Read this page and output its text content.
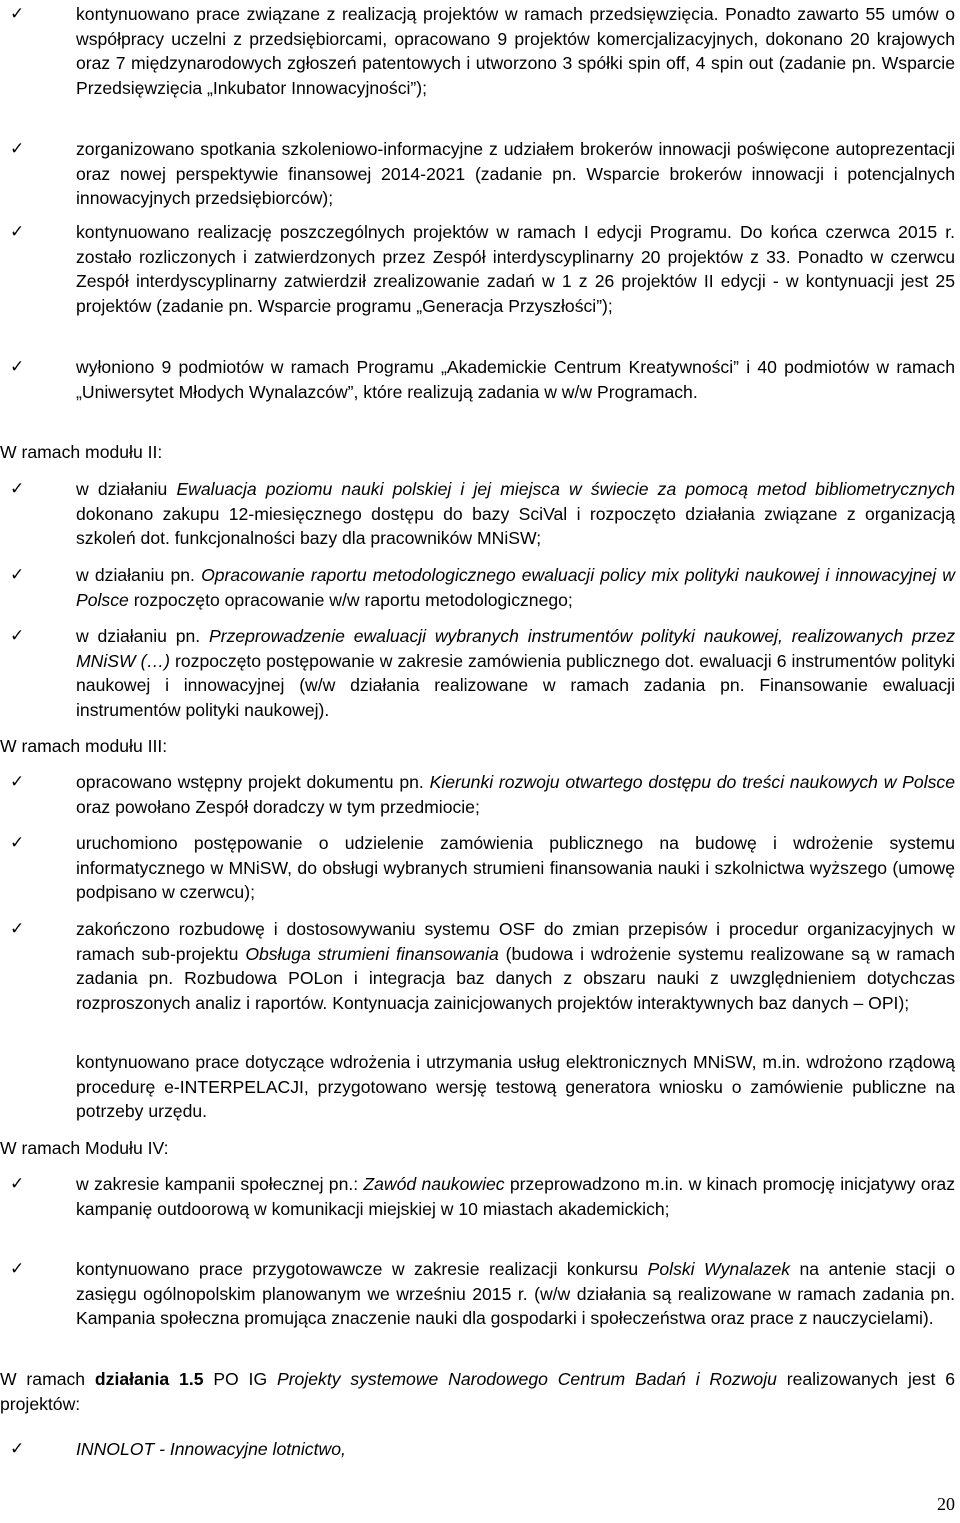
✓	kontynuowano prace związane z realizacją projektów w ramach przedsięwzięcia. Ponadto zawarto 55 umów o współpracy uczelni z przedsiębiorcami, opracowano 9 projektów komercjalizacyjnych, dokonano 20 krajowych oraz 7 międzynarodowych zgłoszeń patentowych i utworzono 3 spółki spin off, 4 spin out (zadanie pn. Wsparcie Przedsięwzięcia „Inkubator Innowacyjności”);
✓	zorganizowano spotkania szkoleniowo-informacyjne z udziałem brokerów innowacji poświęcone autoprezentacji oraz nowej perspektywie finansowej 2014-2021 (zadanie pn. Wsparcie brokerów innowacji i potencjalnych innowacyjnych przedsiębiorców);
✓	kontynuowano realizację poszczególnych projektów w ramach I edycji Programu. Do końca czerwca 2015 r. zostało rozliczonych i zatwierdzonych przez Zespół interdyscyplinarny 20 projektów z 33. Ponadto w czerwcu Zespół interdyscyplinarny zatwierdził zrealizowanie zadań w 1 z 26 projektów II edycji - w kontynuacji jest 25 projektów (zadanie pn. Wsparcie programu „Generacja Przyszłości”);
✓	wyłoniono 9 podmiotów w ramach Programu „Akademickie Centrum Kreatywności” i 40 podmiotów w ramach „Uniwersytet Młodych Wynalazców”, które realizują zadania w w/w Programach.
W ramach modułu II:
✓	w działaniu Ewaluacja poziomu nauki polskiej i jej miejsca w świecie za pomocą metod bibliometrycznych dokonano zakupu 12-miesięcznego dostępu do bazy SciVal i rozpoczęto działania związane z organizacją szkoleń dot. funkcjonalności bazy dla pracowników MNiSW;
✓	w działaniu pn. Opracowanie raportu metodologicznego ewaluacji policy mix polityki naukowej i innowacyjnej w Polsce rozpoczęto opracowanie w/w raportu metodologicznego;
✓	w działaniu pn. Przeprowadzenie ewaluacji wybranych instrumentów polityki naukowej, realizowanych przez MNiSW (…) rozpoczęto postępowanie w zakresie zamówienia publicznego dot. ewaluacji 6 instrumentów polityki naukowej i innowacyjnej (w/w działania realizowane w ramach zadania pn. Finansowanie ewaluacji instrumentów polityki naukowej).
W ramach modułu III:
✓	opracowano wstępny projekt dokumentu pn. Kierunki rozwoju otwartego dostępu do treści naukowych w Polsce oraz powołano Zespół doradczy w tym przedmiocie;
✓	uruchomiono postępowanie o udzielenie zamówienia publicznego na budowę i wdrożenie systemu informatycznego w MNiSW, do obsługi wybranych strumieni finansowania nauki i szkolnictwa wyższego (umowę podpisano w czerwcu);
✓	zakończono rozbudowę i dostosowywaniu systemu OSF do zmian przepisów i procedur organizacyjnych w ramach sub-projektu Obsługa strumieni finansowania (budowa i wdrożenie systemu realizowane są w ramach zadania pn. Rozbudowa POLon i integracja baz danych z obszaru nauki z uwzględnieniem dotychczas rozproszonych analiz i raportów. Kontynuacja zainicjowanych projektów interaktywnych baz danych – OPI);
kontynuowano prace dotyczące wdrożenia i utrzymania usług elektronicznych MNiSW, m.in. wdrożono rządową procedurę e-INTERPELACJI, przygotowano wersję testową generatora wniosku o zamówienie publiczne na potrzeby urzędu.
W ramach Modułu IV:
✓	w zakresie kampanii społecznej pn.: Zawód naukowiec przeprowadzono m.in. w kinach promocję inicjatywy oraz kampanię outdoorową w komunikacji miejskiej w 10 miastach akademickich;
✓	kontynuowano prace przygotowawcze w zakresie realizacji konkursu Polski Wynalazek na antenie stacji o zasięgu ogólnopolskim planowanym we wrześniu 2015 r. (w/w działania są realizowane w ramach zadania pn. Kampania społeczna promująca znaczenie nauki dla gospodarki i społeczeństwa oraz prace z nauczycielami).
W ramach działania 1.5 PO IG Projekty systemowe Narodowego Centrum Badań i Rozwoju realizowanych jest 6 projektów:
✓	INNOLOT - Innowacyjne lotnictwo,
20
